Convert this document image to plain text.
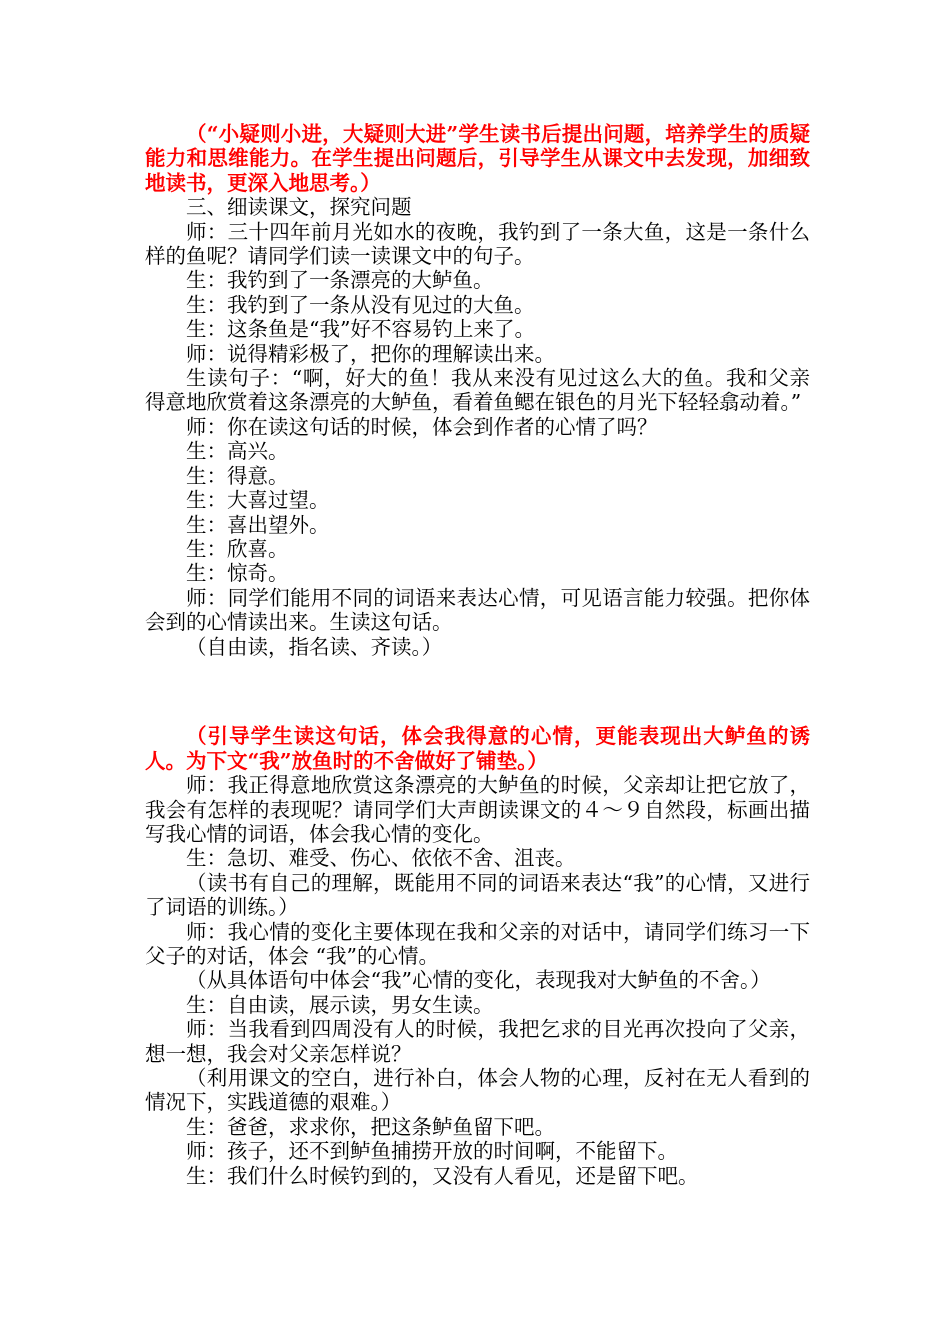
（“小疑则小进，大疑则大进”学生读书后提出问题，培养学生的质疑能力和思维能力。在学生提出问题后，引导学生从课文中去发现，加细致地读书，更深入地思考。）

三、细读课文，探究问题

师：三十四年前月光如水的夜晚，我钓到了一条大鱼，这是一条什么样的鱼呢？请同学们读一读课文中的句子。

生：我钓到了一条漂亮的大鲈鱼。

生：我钓到了一条从没有见过的大鱼。

生：这条鱼是“我”好不容易钓上来了。

师：说得精彩极了，把你的理解读出来。

生读句子：“啊，好大的鱼！我从来没有见过这么大的鱼。我和父亲得意地欣赏着这条漂亮的大鲈鱼，看着鱼鳃在银色的月光下轻轻翕动着。”

师：你在读这句话的时候，体会到作者的心情了吗？

生：高兴。

生：得意。

生：大喜过望。

生：喜出望外。

生：欣喜。

生：惊奇。

师：同学们能用不同的词语来表达心情，可见语言能力较强。把你体会到的心情读出来。生读这句话。

（自由读，指名读、齐读。）

（引导学生读这句话，体会我得意的心情，更能表现出大鲈鱼的诱人。为下文“我”放鱼时的不舍做好了铺垫。）

师：我正得意地欣赏这条漂亮的大鲈鱼的时候，父亲却让把它放了，我会有怎样的表现呢？请同学们大声朗读课文的４～９自然段，标画出描写我心情的词语，体会我心情的变化。

生：急切、难受、伤心、依依不舍、沮丧。

（读书有自己的理解，既能用不同的词语来表达“我”的心情，又进行了词语的训练。）

师：我心情的变化主要体现在我和父亲的对话中，请同学们练习一下父子的对话，体会 “我”的心情。

（从具体语句中体会“我”心情的变化，表现我对大鲈鱼的不舍。）

生：自由读，展示读，男女生读。

师：当我看到四周没有人的时候，我把乞求的目光再次投向了父亲，想一想，我会对父亲怎样说？

（利用课文的空白，进行补白，体会人物的心理，反衬在无人看到的情况下，实践道德的艰难。）

生：爸爸，求求你，把这条鲈鱼留下吧。

师：孩子，还不到鲈鱼捕捞开放的时间啊，不能留下。

生：我们什么时候钓到的，又没有人看见，还是留下吧。
